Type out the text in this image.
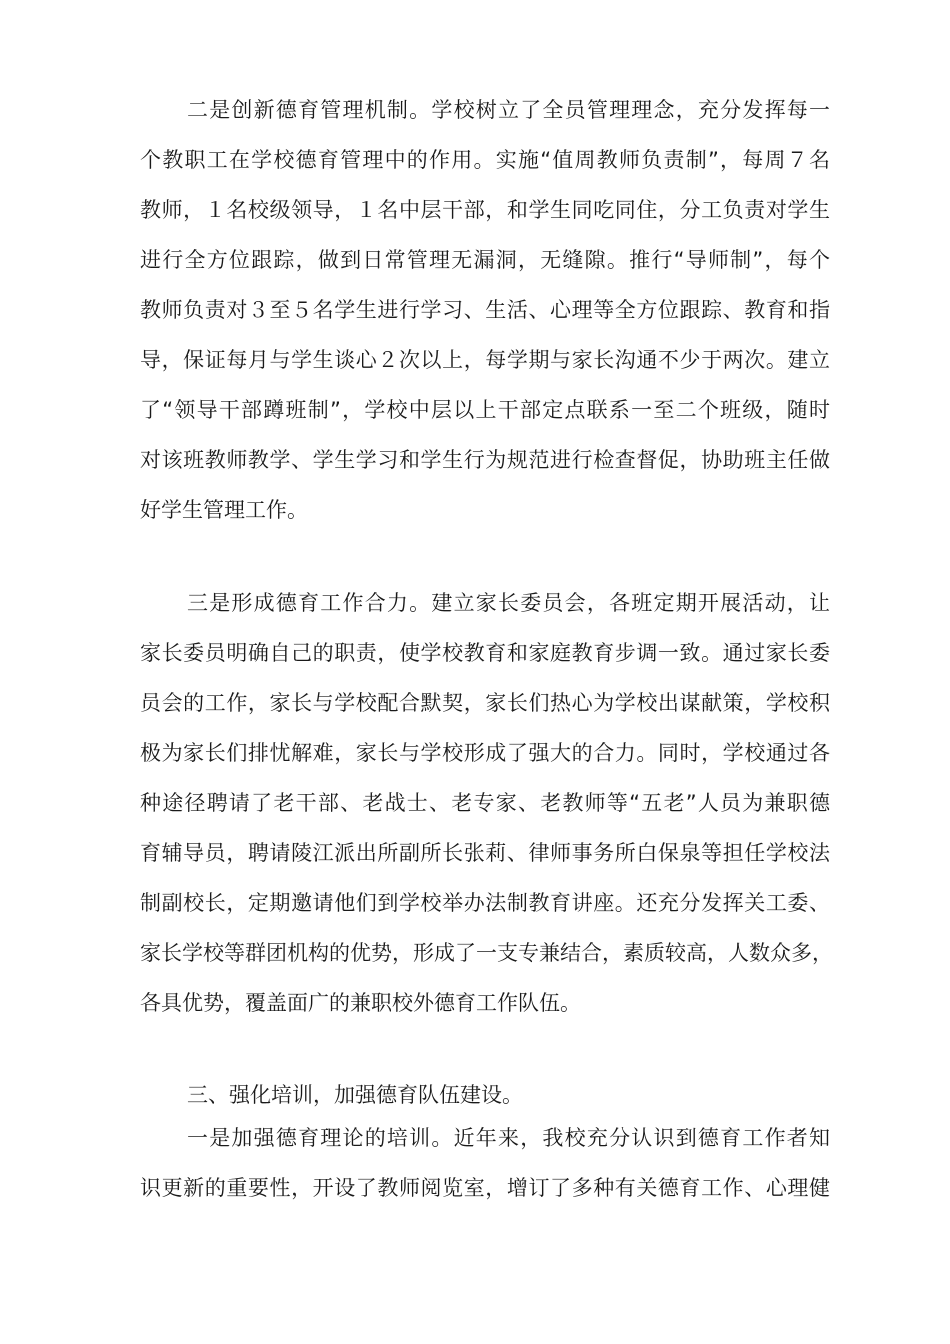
二是创新德育管理机制。学校树立了全员管理理念，充分发挥每一
个教职工在学校德育管理中的作用。实施“值周教师负责制”，每周７名
教师，１名校级领导，１名中层干部，和学生同吃同住，分工负责对学生
进行全方位跟踪，做到日常管理无漏洞，无缝隙。推行“导师制”，每个
教师负责对３至５名学生进行学习、生活、心理等全方位跟踪、教育和指
导，保证每月与学生谈心２次以上，每学期与家长沟通不少于两次。建立
了“领导干部蹲班制”，学校中层以上干部定点联系一至二个班级，随时
对该班教师教学、学生学习和学生行为规范进行检查督促，协助班主任做
好学生管理工作。
三是形成德育工作合力。建立家长委员会，各班定期开展活动，让
家长委员明确自己的职责，使学校教育和家庭教育步调一致。通过家长委
员会的工作，家长与学校配合默契，家长们热心为学校出谋献策，学校积
极为家长们排忧解难，家长与学校形成了强大的合力。同时，学校通过各
种途径聘请了老干部、老战士、老专家、老教师等“五老”人员为兼职德
育辅导员，聘请陵江派出所副所长张莉、律师事务所白保泉等担任学校法
制副校长，定期邀请他们到学校举办法制教育讲座。还充分发挥关工委、
家长学校等群团机构的优势，形成了一支专兼结合，素质较高，人数众多，
各具优势，覆盖面广的兼职校外德育工作队伍。
三、强化培训，加强德育队伍建设。
一是加强德育理论的培训。近年来，我校充分认识到德育工作者知
识更新的重要性，开设了教师阅览室，增订了多种有关德育工作、心理健
